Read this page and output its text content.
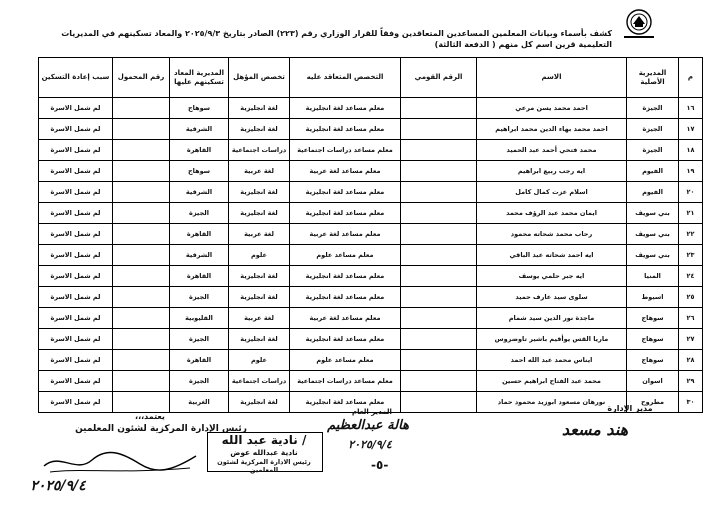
كشف بأسماء وبيانات المعلمين المساعدين المتعاقدين وفقاً للقرار الوزاري رقم (٢٢٣) الصادر بتاريخ ٢٠٢٥/٩/٣ والمعاد تسكينهم في المديريات التعليمية قرين اسم كل منهم ( الدفعة الثالثة)
م	المديرية الأصلية	الاسم	الرقم القومي	التخصص المتعاقد عليه	تخصص المؤهل	المديرية المعاد تسكينهم عليها	رقم المحمول	سبب إعادة التسكين
١٦	الجيزة	احمد محمد يسن مرعي		معلم مساعد لغة انجليزية	لغة انجليزية	سوهاج		لم شمل الاسرة
١٧	الجيزة	احمد محمد بهاء الدين محمد ابراهيم		معلم مساعد لغة انجليزية	لغة انجليزية	الشرقية		لم شمل الاسرة
١٨	الجيزة	محمد فتحي أحمد عبد الحميد		معلم مساعد دراسات اجتماعية	دراسات اجتماعية	القاهرة		لم شمل الاسرة
١٩	الفيوم	ايه رجب ربيع ابراهيم		معلم مساعد لغة عربية	لغة عربية	سوهاج		لم شمل الاسرة
٢٠	الفيوم	اسلام عزت كمال كامل		معلم مساعد لغة انجليزية	لغة انجليزية	الشرقية		لم شمل الاسرة
٢١	بني سويف	ايمان محمد عبد الرؤف محمد		معلم مساعد لغة انجليزية	لغة انجليزية	الجيزة		لم شمل الاسرة
٢٢	بني سويف	رحاب محمد شحاته محمود		معلم مساعد لغة عربية	لغة عربية	القاهرة		لم شمل الاسرة
٢٣	بني سويف	ايه احمد شحاته عبد الباقي		معلم مساعد علوم	علوم	الشرقية		لم شمل الاسرة
٢٤	المنيا	ايه جبر حلمي يوسف		معلم مساعد لغة انجليزية	لغة انجليزية	القاهرة		لم شمل الاسرة
٢٥	اسيوط	سلوى سيد عارف حميد		معلم مساعد لغة انجليزية	لغة انجليزية	الجيزة		لم شمل الاسرة
٢٦	سوهاج	ماجدة نور الدين سيد شمام		معلم مساعد لغة عربية	لغة عربية	القليوبية		لم شمل الاسرة
٢٧	سوهاج	ماريا القس يوأقيم باشير تاوضروس		معلم مساعد لغة انجليزية	لغة انجليزية	الجيزة		لم شمل الاسرة
٢٨	سوهاج	ايناس محمد عبد الله احمد		معلم مساعد علوم	علوم	القاهرة		لم شمل الاسرة
٢٩	اسوان	محمد عبد الفتاح ابراهيم حسين		معلم مساعد دراسات اجتماعية	دراسات اجتماعية	الجيزة		لم شمل الاسرة
٣٠	مطروح	نورهان مسعود ابوزيد محمود حماد		معلم مساعد لغة انجليزية	لغة انجليزية	الغربية		لم شمل الاسرة
يعتمد،،،
رئيس الإدارة المركزية لشئون المعلمين
المدير العام
هالة عبدالعظيم
٢٠٢٥/٩/٤
مدير الإدارة
هند مسعد
/ نادية عبد الله
نادية عبدالله عوض
رئيس الادارة المركزية لشئون المعلمين
٢٠٢٥/٩/٤
-٥-
